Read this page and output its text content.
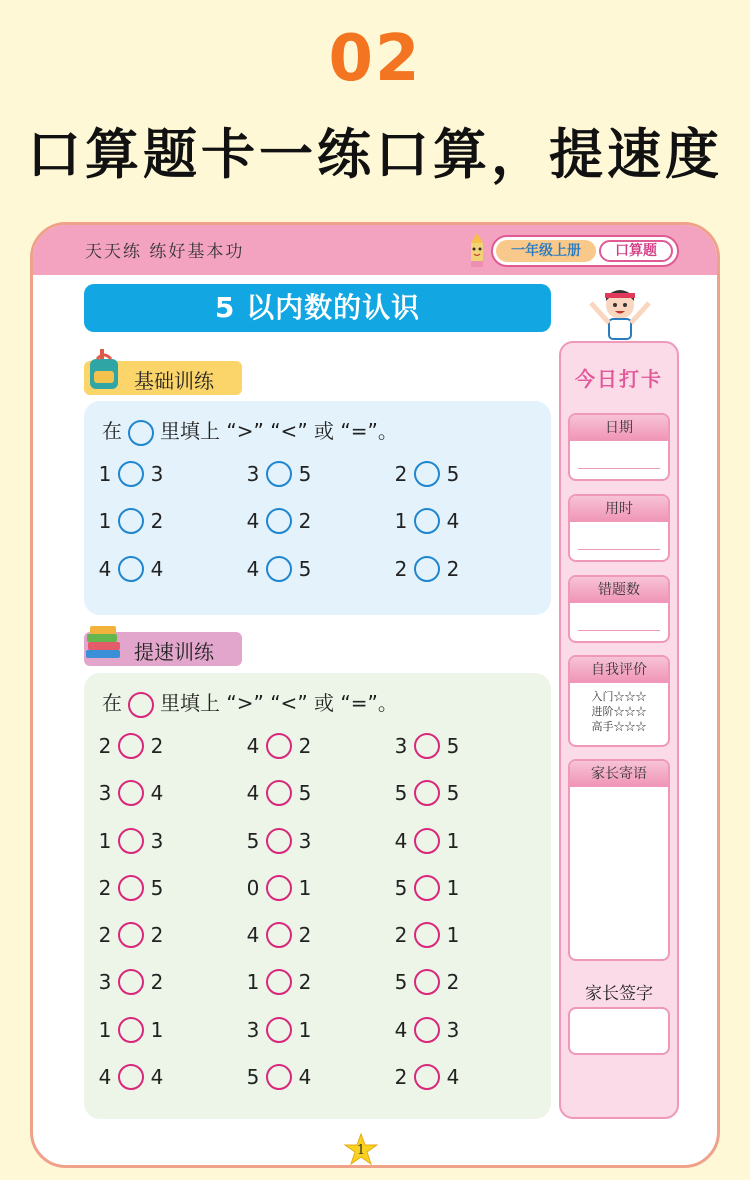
02
口算题卡一练口算，提速度
天天练 练好基本功	一年级上册	口算题
5 以内数的认识
基础训练
在 里填上 “>” “<” 或 “=”。
1 3	3 5	2 5
1 2	4 2	1 4
4 4	4 5	2 2
提速训练
在 里填上 “>” “<” 或 “=”。
2 2	4 2	3 5
3 4	4 5	5 5
1 3	5 3	4 1
2 5	0 1	5 1
2 2	4 2	2 1
3 2	1 2	5 2
1 1	3 1	4 3
4 4	5 4	2 4
今日打卡
日期
用时
错题数
自我评价
入门☆☆☆
进阶☆☆☆
高手☆☆☆
家长寄语
家长签字
1
